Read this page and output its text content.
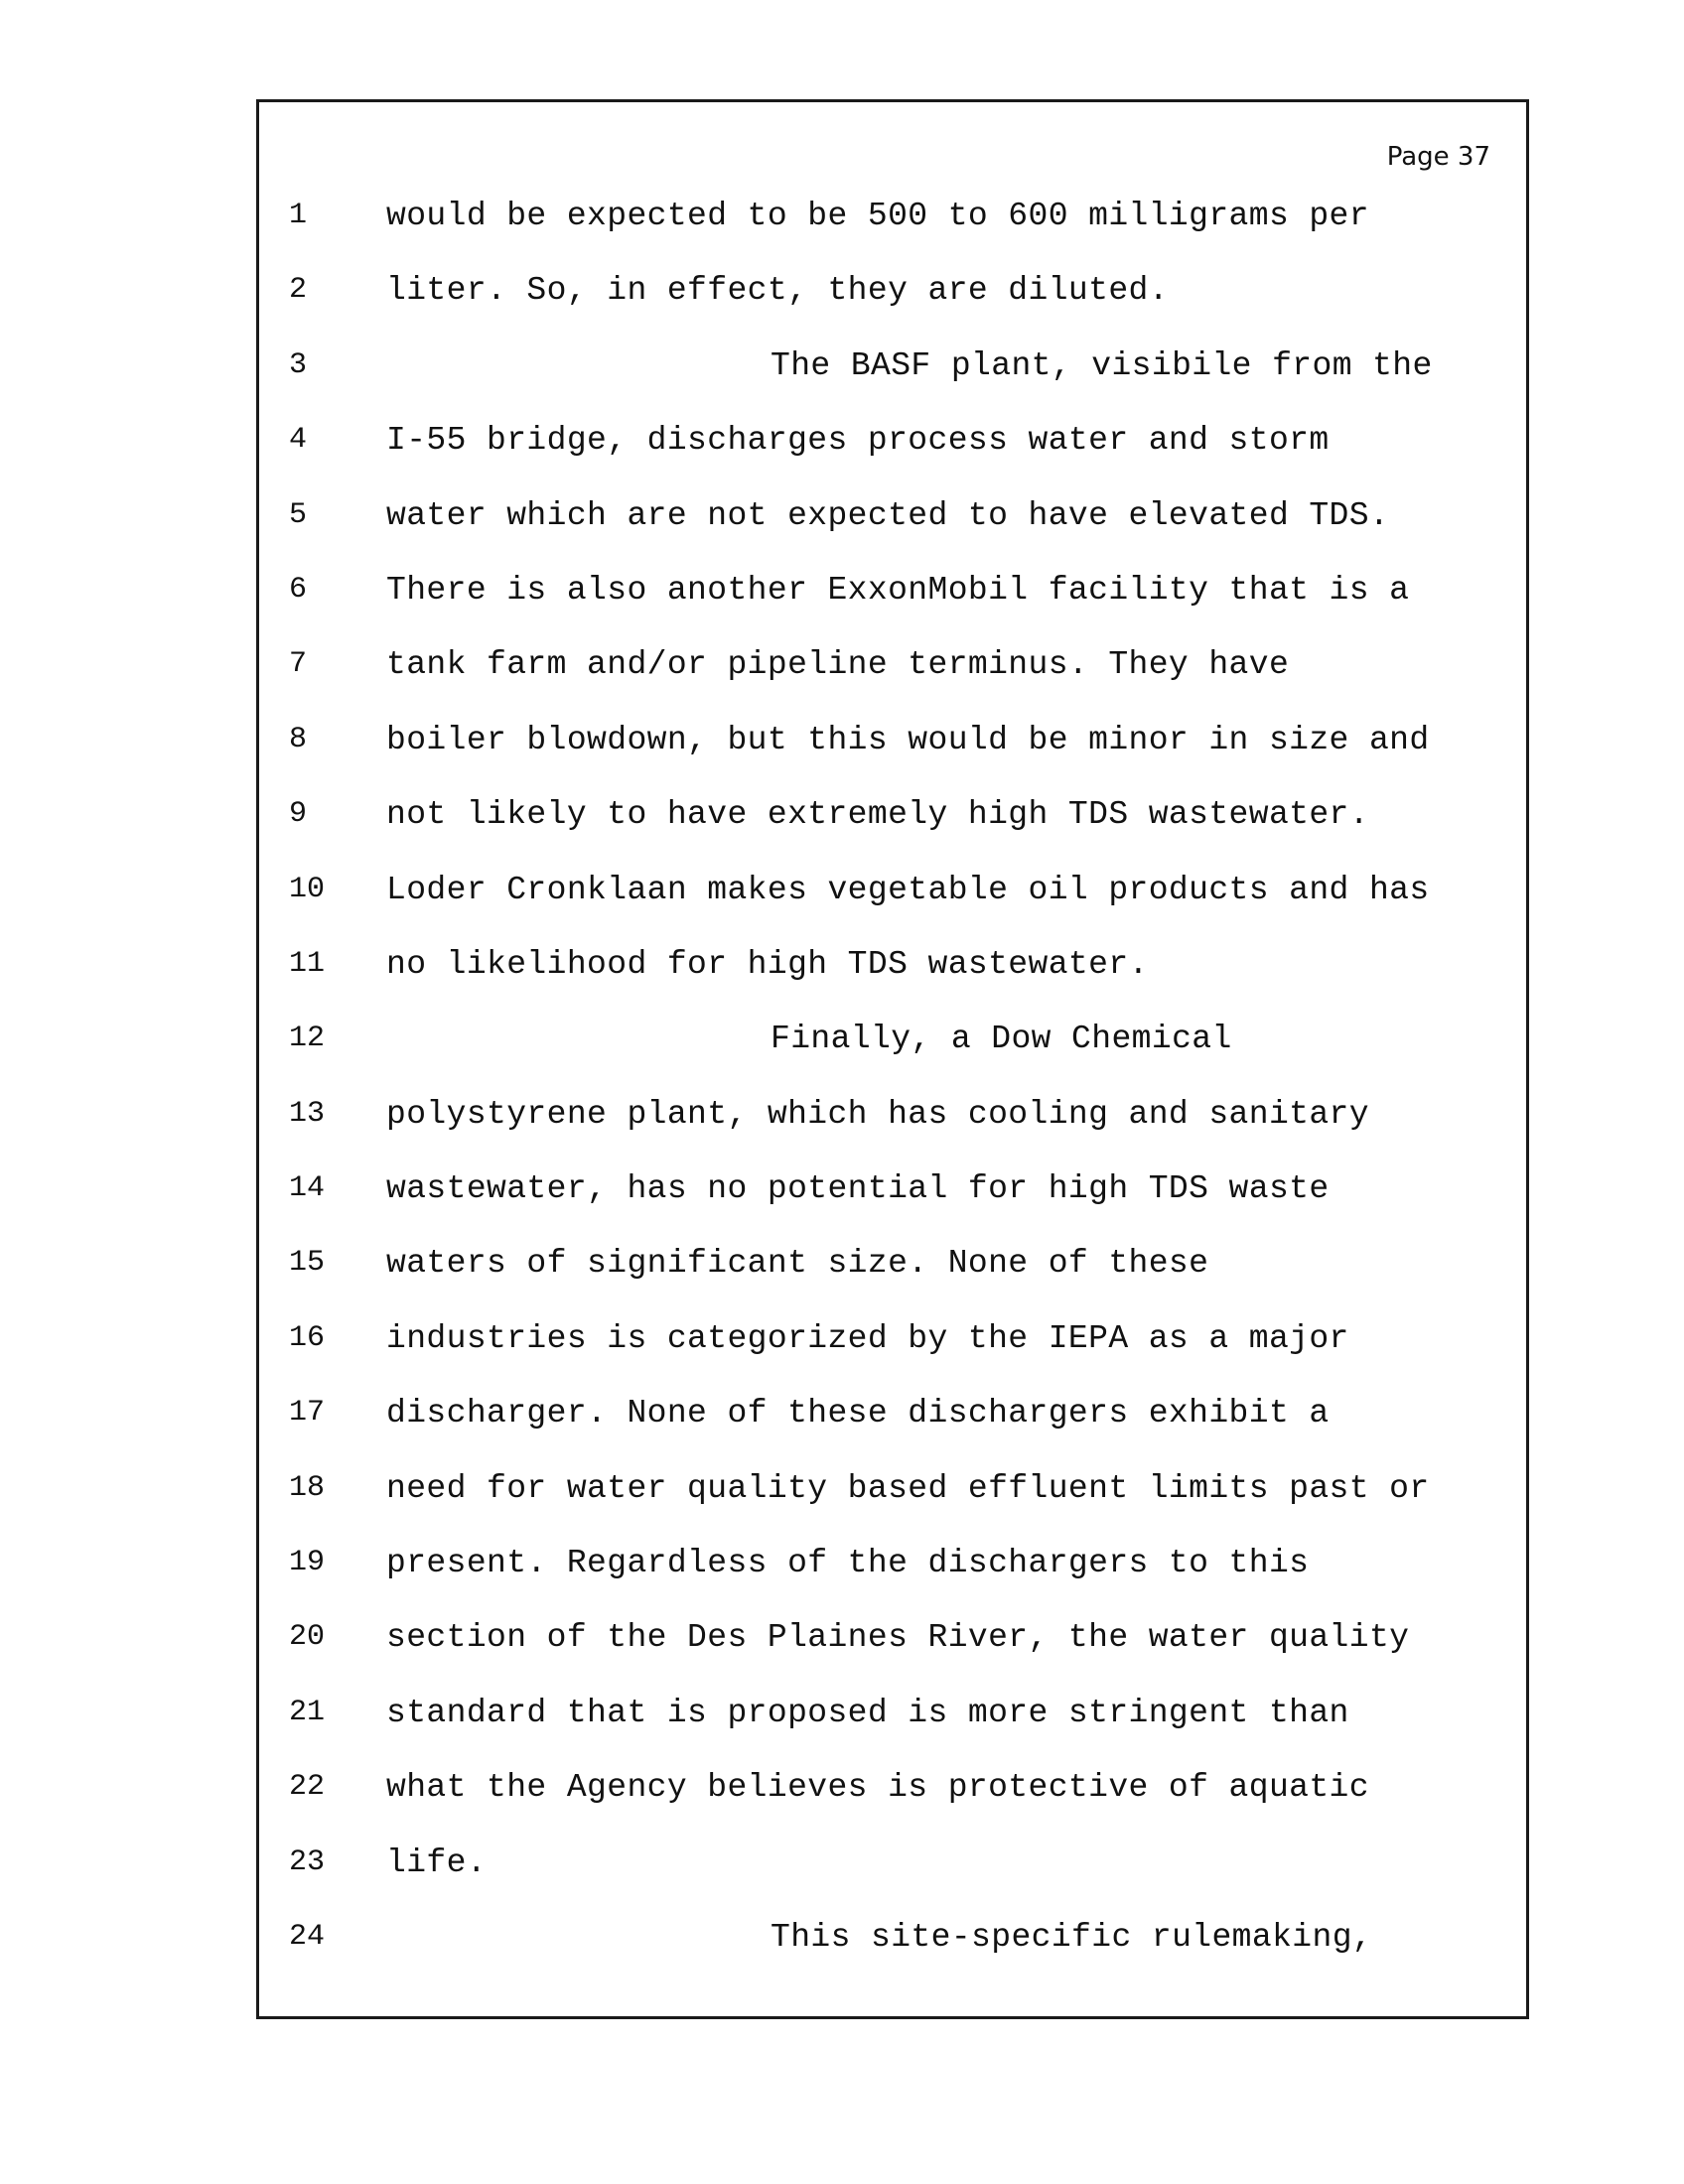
Page 37
1	would be expected to be 500 to 600 milligrams per
2	liter. So, in effect, they are diluted.
3	The BASF plant, visibile from the
4	I-55 bridge, discharges process water and storm
5	water which are not expected to have elevated TDS.
6	There is also another ExxonMobil facility that is a
7	tank farm and/or pipeline terminus. They have
8	boiler blowdown, but this would be minor in size and
9	not likely to have extremely high TDS wastewater.
10	Loder Cronklaan makes vegetable oil products and has
11	no likelihood for high TDS wastewater.
12	Finally, a Dow Chemical
13	polystyrene plant, which has cooling and sanitary
14	wastewater, has no potential for high TDS waste
15	waters of significant size. None of these
16	industries is categorized by the IEPA as a major
17	discharger. None of these dischargers exhibit a
18	need for water quality based effluent limits past or
19	present. Regardless of the dischargers to this
20	section of the Des Plaines River, the water quality
21	standard that is proposed is more stringent than
22	what the Agency believes is protective of aquatic
23	life.
24	This site-specific rulemaking,
